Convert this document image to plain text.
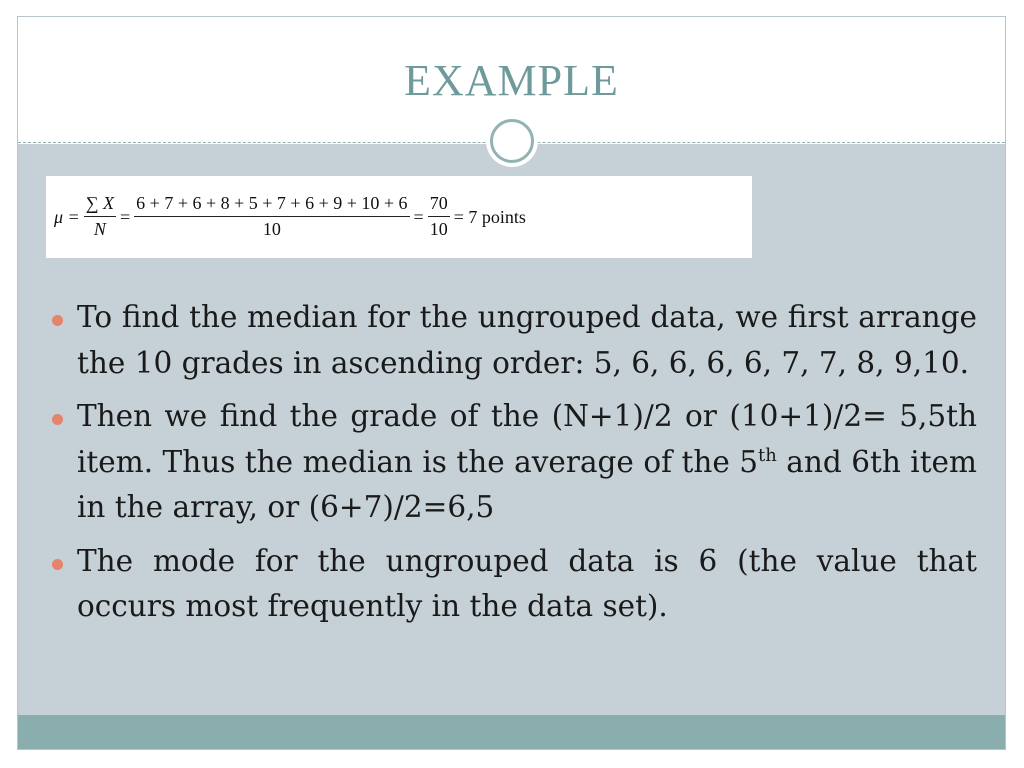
EXAMPLE
$\mu = \frac{\sum X}{N} = \frac{6 + 7 + 6 + 8 + 5 + 7 + 6 + 9 + 10 + 6}{10} = \frac{70}{10} = 7$ points
To find the median for the ungrouped data, we first arrange the 10 grades in ascending order: 5, 6, 6, 6, 6, 7, 7, 8, 9,10.
Then we find the grade of the (N+1)/2 or (10+1)/2= 5,5th item. Thus the median is the average of the 5th and 6th item in the array, or (6+7)/2=6,5
The mode for the ungrouped data is 6 (the value that occurs most frequently in the data set).
